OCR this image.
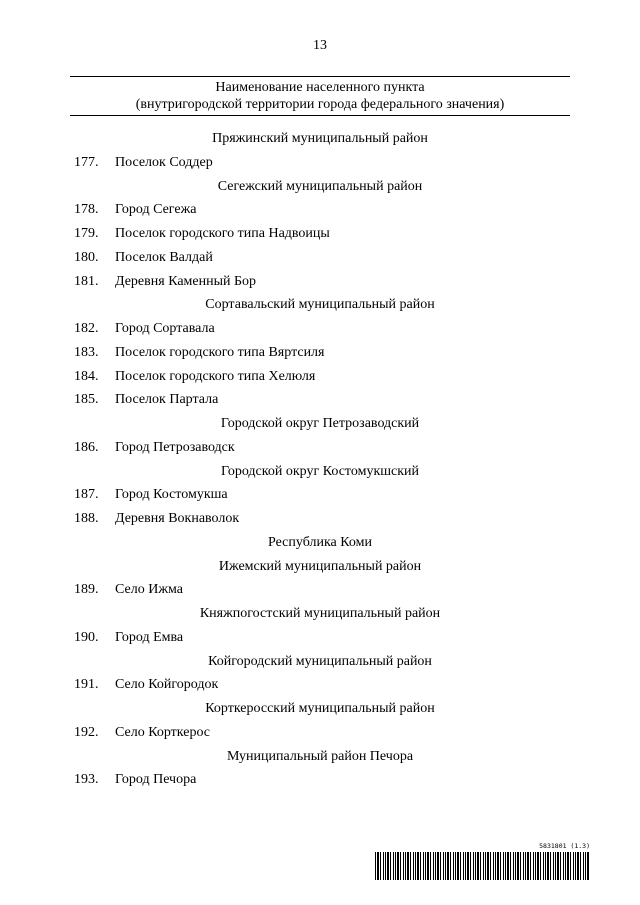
13
Наименование населенного пункта
(внутригородской территории города федерального значения)
Пряжинский муниципальный район
177.	Поселок Соддер
Сегежский муниципальный район
178.	Город Сегежа
179.	Поселок городского типа Надвоицы
180.	Поселок Валдай
181.	Деревня Каменный Бор
Сортавальский муниципальный район
182.	Город Сортавала
183.	Поселок городского типа Вяртсиля
184.	Поселок городского типа Хелюля
185.	Поселок Партала
Городской округ Петрозаводский
186.	Город Петрозаводск
Городской округ Костомукшский
187.	Город Костомукша
188.	Деревня Вокнаволок
Республика Коми
Ижемский муниципальный район
189.	Село Ижма
Княжпогостский муниципальный район
190.	Город Емва
Койгородский муниципальный район
191.	Село Койгородок
Корткеросский муниципальный район
192.	Село Корткерос
Муниципальный район Печора
193.	Город Печора
5831801 (1.3)
